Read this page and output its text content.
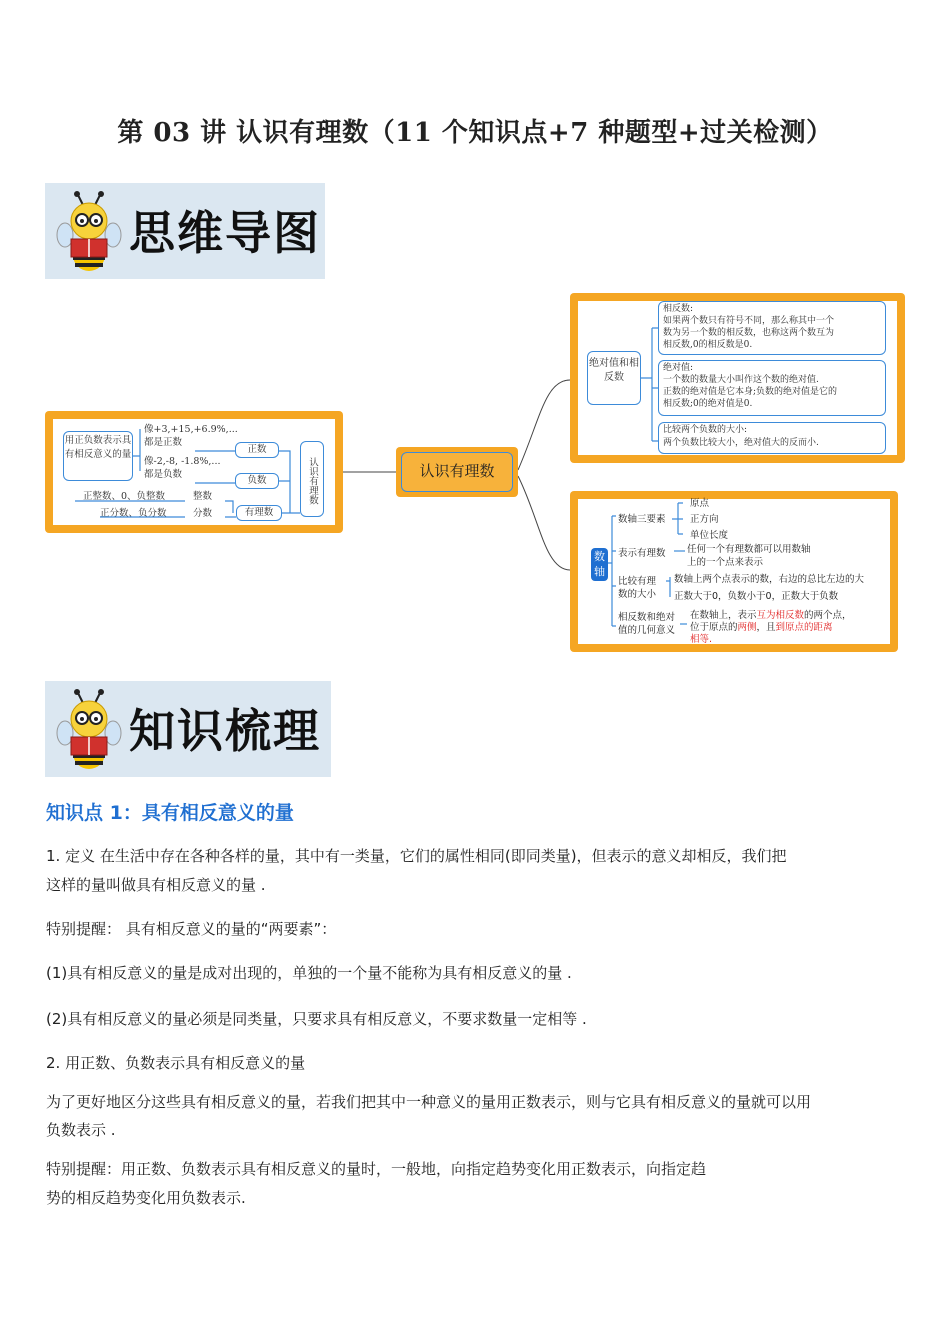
第 03 讲 认识有理数（11 个知识点+7 种题型+过关检测）
思维导图
用正负数表示具有相反意义的量
像+3,+15,+6.9%,...
都是正数
像-2,-8, -1.8%,...
都是负数
正数
负数	认识有理数
正整数、0、负整数	整数
正分数、负分数	分数	有理数
认识有理数
绝对值和相反数
相反数:
如果两个数只有符号不同，那么称其中一个
数为另一个数的相反数，也称这两个数互为
相反数,0的相反数是0.
绝对值:
一个数的数量大小叫作这个数的绝对值.
正数的绝对值是它本身;负数的绝对值是它的
相反数;0的绝对值是0.
比较两个负数的大小:
两个负数比较大小，绝对值大的反而小.
数轴
数轴三要素
原点
正方向
单位长度
表示有理数 任何一个有理数都可以用数轴
上的一个点来表示
比较有理
数的大小
数轴上两个点表示的数，右边的总比左边的大
正数大于0，负数小于0，正数大于负数
相反数和绝对
值的几何意义
在数轴上，表示互为相反数的两个点，
位于原点的两侧，且到原点的距离
相等.
知识梳理
知识点 1：具有相反意义的量
1. 定义 在生活中存在各种各样的量，其中有一类量，它们的属性相同(即同类量)，但表示的意义却相反，我们把
这样的量叫做具有相反意义的量 .
特别提醒： 具有相反意义的量的“两要素”：
(1)具有相反意义的量是成对出现的，单独的一个量不能称为具有相反意义的量 .
(2)具有相反意义的量必须是同类量，只要求具有相反意义，不要求数量一定相等 .
2. 用正数、负数表示具有相反意义的量
为了更好地区分这些具有相反意义的量，若我们把其中一种意义的量用正数表示，则与它具有相反意义的量就可以用
负数表示 .
特别提醒：用正数、负数表示具有相反意义的量时，一般地，向指定趋势变化用正数表示，向指定趋
势的相反趋势变化用负数表示.
